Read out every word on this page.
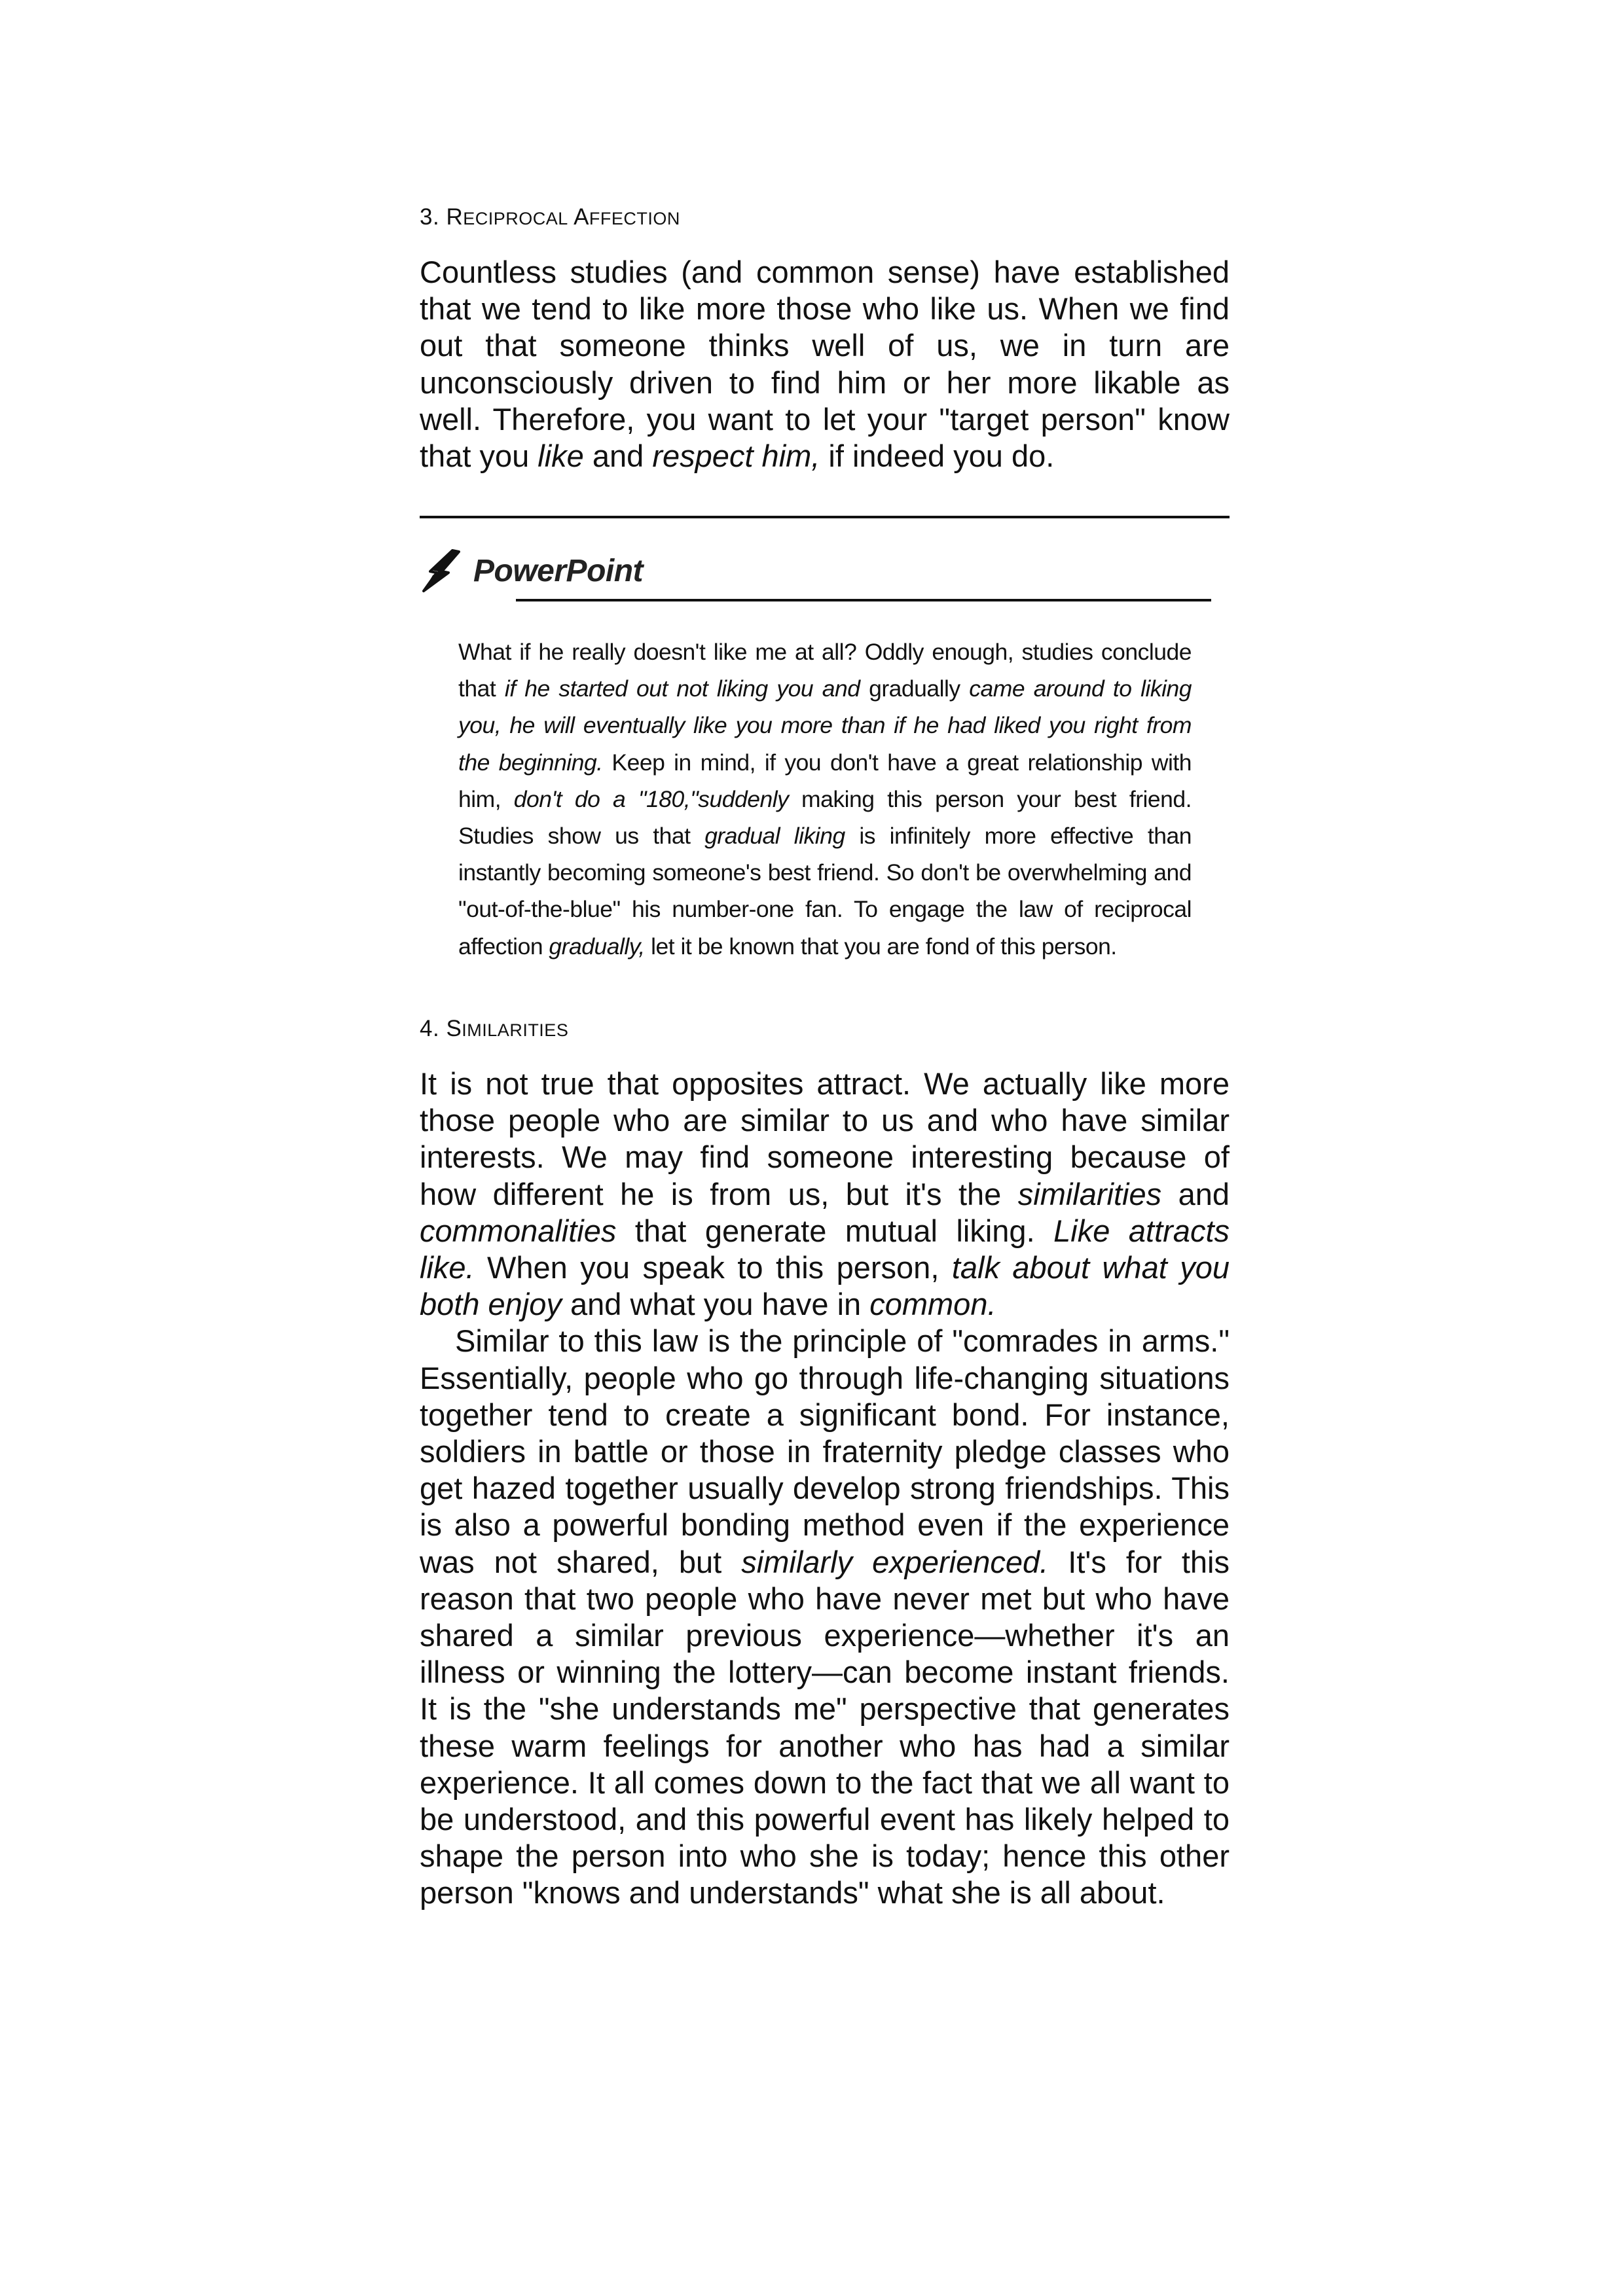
3. RECIPROCAL AFFECTION

Countless studies (and common sense) have established that we tend to like more those who like us. When we find out that someone thinks well of us, we in turn are unconsciously driven to find him or her more likable as well. Therefore, you want to let your "target person" know that you like and respect him, if indeed you do.

PowerPoint

What if he really doesn't like me at all? Oddly enough, studies conclude that if he started out not liking you and gradually came around to liking you, he will eventually like you more than if he had liked you right from the beginning. Keep in mind, if you don't have a great relationship with him, don't do a "180,"suddenly making this person your best friend. Studies show us that gradual liking is infinitely more effective than instantly becoming someone's best friend. So don't be overwhelming and "out-of-the-blue" his number-one fan. To engage the law of reciprocal affection gradually, let it be known that you are fond of this person.

4. SIMILARITIES

It is not true that opposites attract. We actually like more those people who are similar to us and who have similar interests. We may find someone interesting because of how different he is from us, but it's the similarities and commonalities that generate mutual liking. Like attracts like. When you speak to this person, talk about what you both enjoy and what you have in common.

Similar to this law is the principle of "comrades in arms." Essentially, people who go through life-changing situations together tend to create a significant bond. For instance, soldiers in battle or those in fraternity pledge classes who get hazed together usually develop strong friendships. This is also a powerful bonding method even if the experience was not shared, but similarly experienced. It's for this reason that two people who have never met but who have shared a similar previous experience—whether it's an illness or winning the lottery—can become instant friends. It is the "she understands me" perspective that generates these warm feelings for another who has had a similar experience. It all comes down to the fact that we all want to be understood, and this powerful event has likely helped to shape the person into who she is today; hence this other person "knows and understands" what she is all about.
